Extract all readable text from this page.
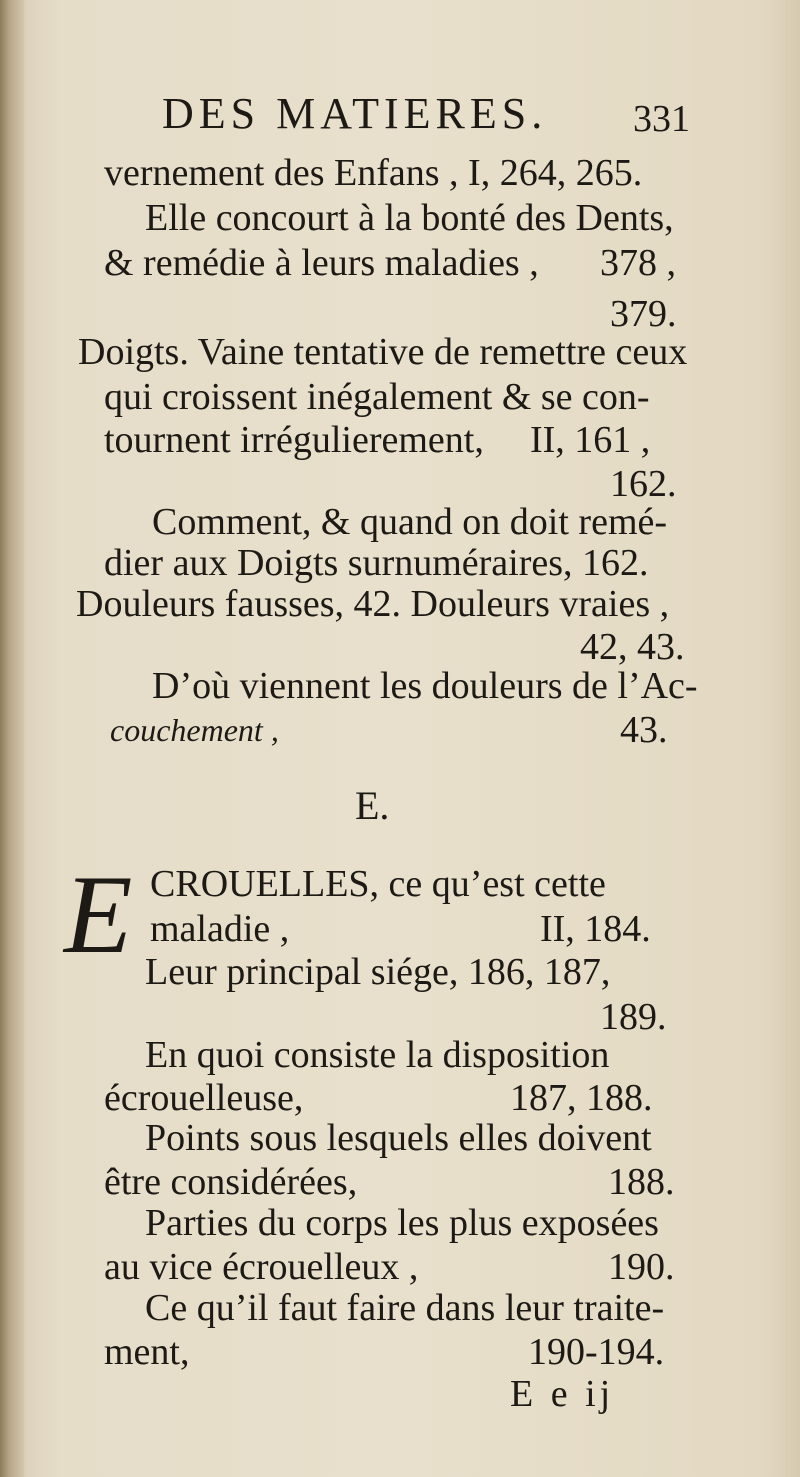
DES MATIERES. 331
vernement des Enfans , I, 264, 265.
Elle concourt à la bonté des Dents,
& remédie à leurs maladies , 378 ,
379.
Doigts. Vaine tentative de remettre ceux
qui croissent inégalement & se con-
tournent irrégulierement, II, 161 ,
162.
Comment, & quand on doit remé-
dier aux Doigts surnuméraires, 162.
Douleurs fausses, 42. Douleurs vraies ,
42, 43.
D’où viennent les douleurs de l’Ac-
couchement ,	43.
E.
E CROUELLES, ce qu’est cette
maladie ,	II, 184.
Leur principal siége, 186, 187,
189.
En quoi consiste la disposition
écrouelleuse,	187, 188.
Points sous lesquels elles doivent
être considérées,	188.
Parties du corps les plus exposées
au vice écrouelleux ,	190.
Ce qu’il faut faire dans leur traite-
ment,	190-194.
E e ij
